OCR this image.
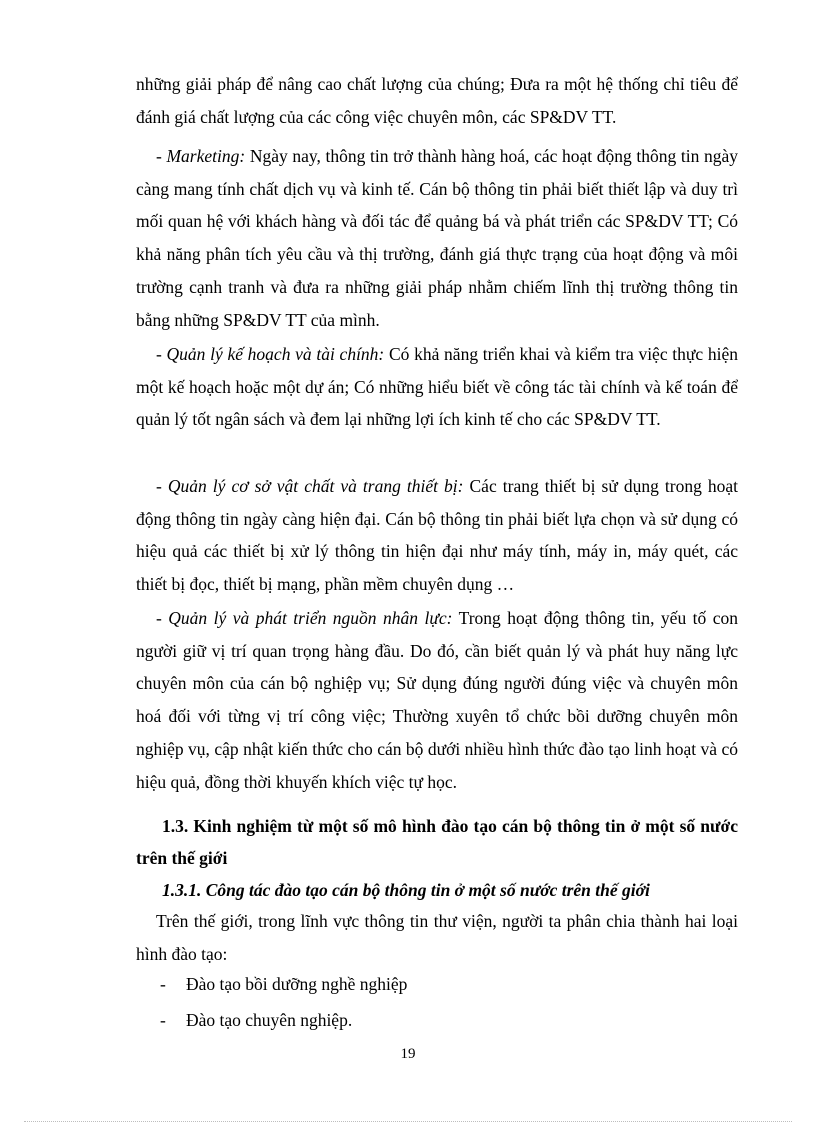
những giải pháp để nâng cao chất lượng của chúng; Đưa ra một hệ thống chỉ tiêu để đánh giá chất lượng của các công việc chuyên môn, các SP&DV TT.

- Marketing: Ngày nay, thông tin trở thành hàng hoá, các hoạt động thông tin ngày càng mang tính chất dịch vụ và kinh tế. Cán bộ thông tin phải biết thiết lập và duy trì mối quan hệ với khách hàng và đối tác để quảng bá và phát triển các SP&DV TT; Có khả năng phân tích yêu cầu và thị trường, đánh giá thực trạng của hoạt động và môi trường cạnh tranh và đưa ra những giải pháp nhằm chiếm lĩnh thị trường thông tin bằng những SP&DV TT của mình.

- Quản lý kế hoạch và tài chính: Có khả năng triển khai và kiểm tra việc thực hiện một kế hoạch hoặc một dự án; Có những hiểu biết về công tác tài chính và kế toán để quản lý tốt ngân sách và đem lại những lợi ích kinh tế cho các SP&DV TT.

- Quản lý cơ sở vật chất và trang thiết bị: Các trang thiết bị sử dụng trong hoạt động thông tin ngày càng hiện đại. Cán bộ thông tin phải biết lựa chọn và sử dụng có hiệu quả các thiết bị xử lý thông tin hiện đại như máy tính, máy in, máy quét, các thiết bị đọc, thiết bị mạng, phần mềm chuyên dụng …

- Quản lý và phát triển nguồn nhân lực: Trong hoạt động thông tin, yếu tố con người giữ vị trí quan trọng hàng đầu. Do đó, cần biết quản lý và phát huy năng lực chuyên môn của cán bộ nghiệp vụ; Sử dụng đúng người đúng việc và chuyên môn hoá đối với từng vị trí công việc; Thường xuyên tổ chức bồi dưỡng chuyên môn nghiệp vụ, cập nhật kiến thức cho cán bộ dưới nhiều hình thức đào tạo linh hoạt và có hiệu quả, đồng thời khuyến khích việc tự học.

1.3. Kinh nghiệm từ một số mô hình đào tạo cán bộ thông tin ở một số nước trên thế giới

1.3.1. Công tác đào tạo cán bộ thông tin ở một số nước trên thế giới

Trên thế giới, trong lĩnh vực thông tin thư viện, người ta phân chia thành hai loại hình đào tạo:

- Đào tạo bồi dưỡng nghề nghiệp

- Đào tạo chuyên nghiệp.

19
